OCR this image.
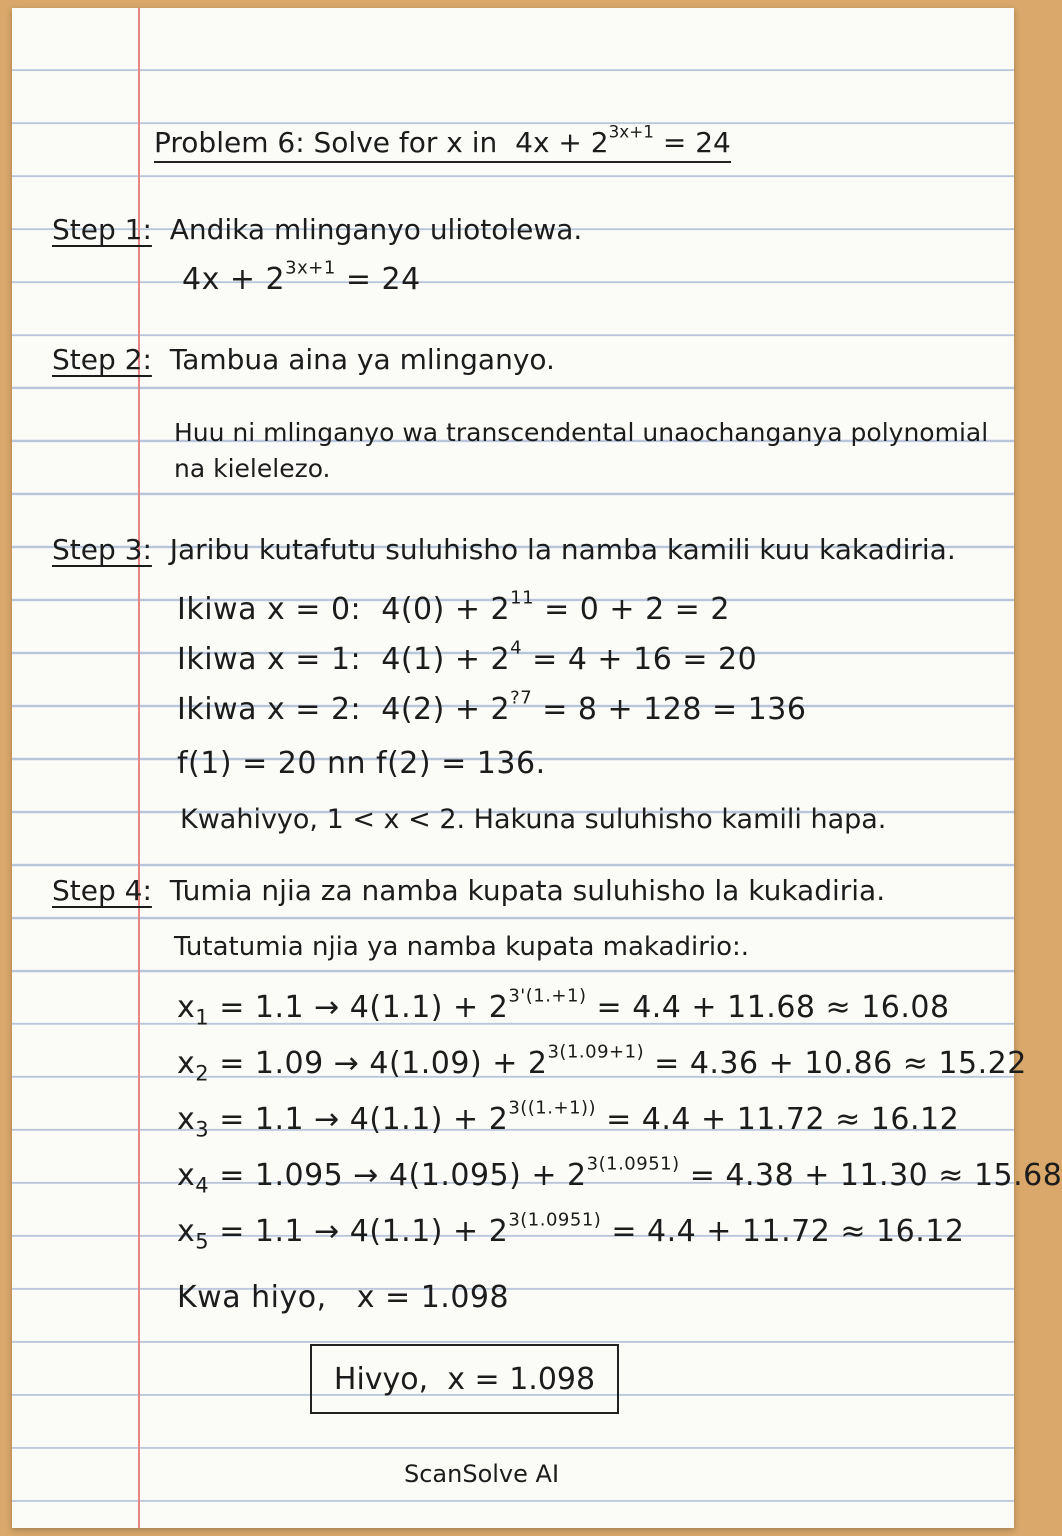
Problem 6: Solve for x in $4x + 2^{3x+1} = 24$
Step 1: Andika mlinganyo uliotolewa.
$4x + 2^{3x+1} = 24$
Step 2: Tambua aina ya mlinganyo.
Huu ni mlinganyo wa transcendental unaochanganya polynomial
na kielelezo.
Step 3: Jaribu kutafutu suluhisho la namba kamili kuu kakadiria.
Ikiwa x = 0: $4(0) + 2^{11} = 0 + 2 = 2$
Ikiwa x = 1: $4(1) + 2^4 = 4 + 16 = 20$
Ikiwa x = 2: $4(2) + 2^{?7} = 8 + 128 = 136$
f(1) = 20 nn f(2) = 136.
Kwahivyo, 1 < x < 2. Hakuna suluhisho kamili hapa.
Step 4: Tumia njia za namba kupata suluhisho la kukadiria.
Tutatumia njia ya namba kupata makadirio:.
$x_1 = 1.1 \to 4(1.1) + 2^{3'(1.+1)} = 4.4 + 11.68 \approx 16.08$
$x_2 = 1.09 \to 4(1.09) + 2^{3(1.09+1)} = 4.36 + 10.86 \approx 15.22$
$x_3 = 1.1 \to 4(1.1) + 2^{3((1.+1))} = 4.4 + 11.72 \approx 16.12$
$x_4 = 1.095 \to 4(1.095) + 2^{3(1.0951)} = 4.38 + 11.30 \approx 15.68$
$x_5 = 1.1 \to 4(1.1) + 2^{3(1.0951)} = 4.4 + 11.72 \approx 16.12$
Kwa hiyo,   x = 1.098
Hivyo,  x = 1.098
ScanSolve AI
